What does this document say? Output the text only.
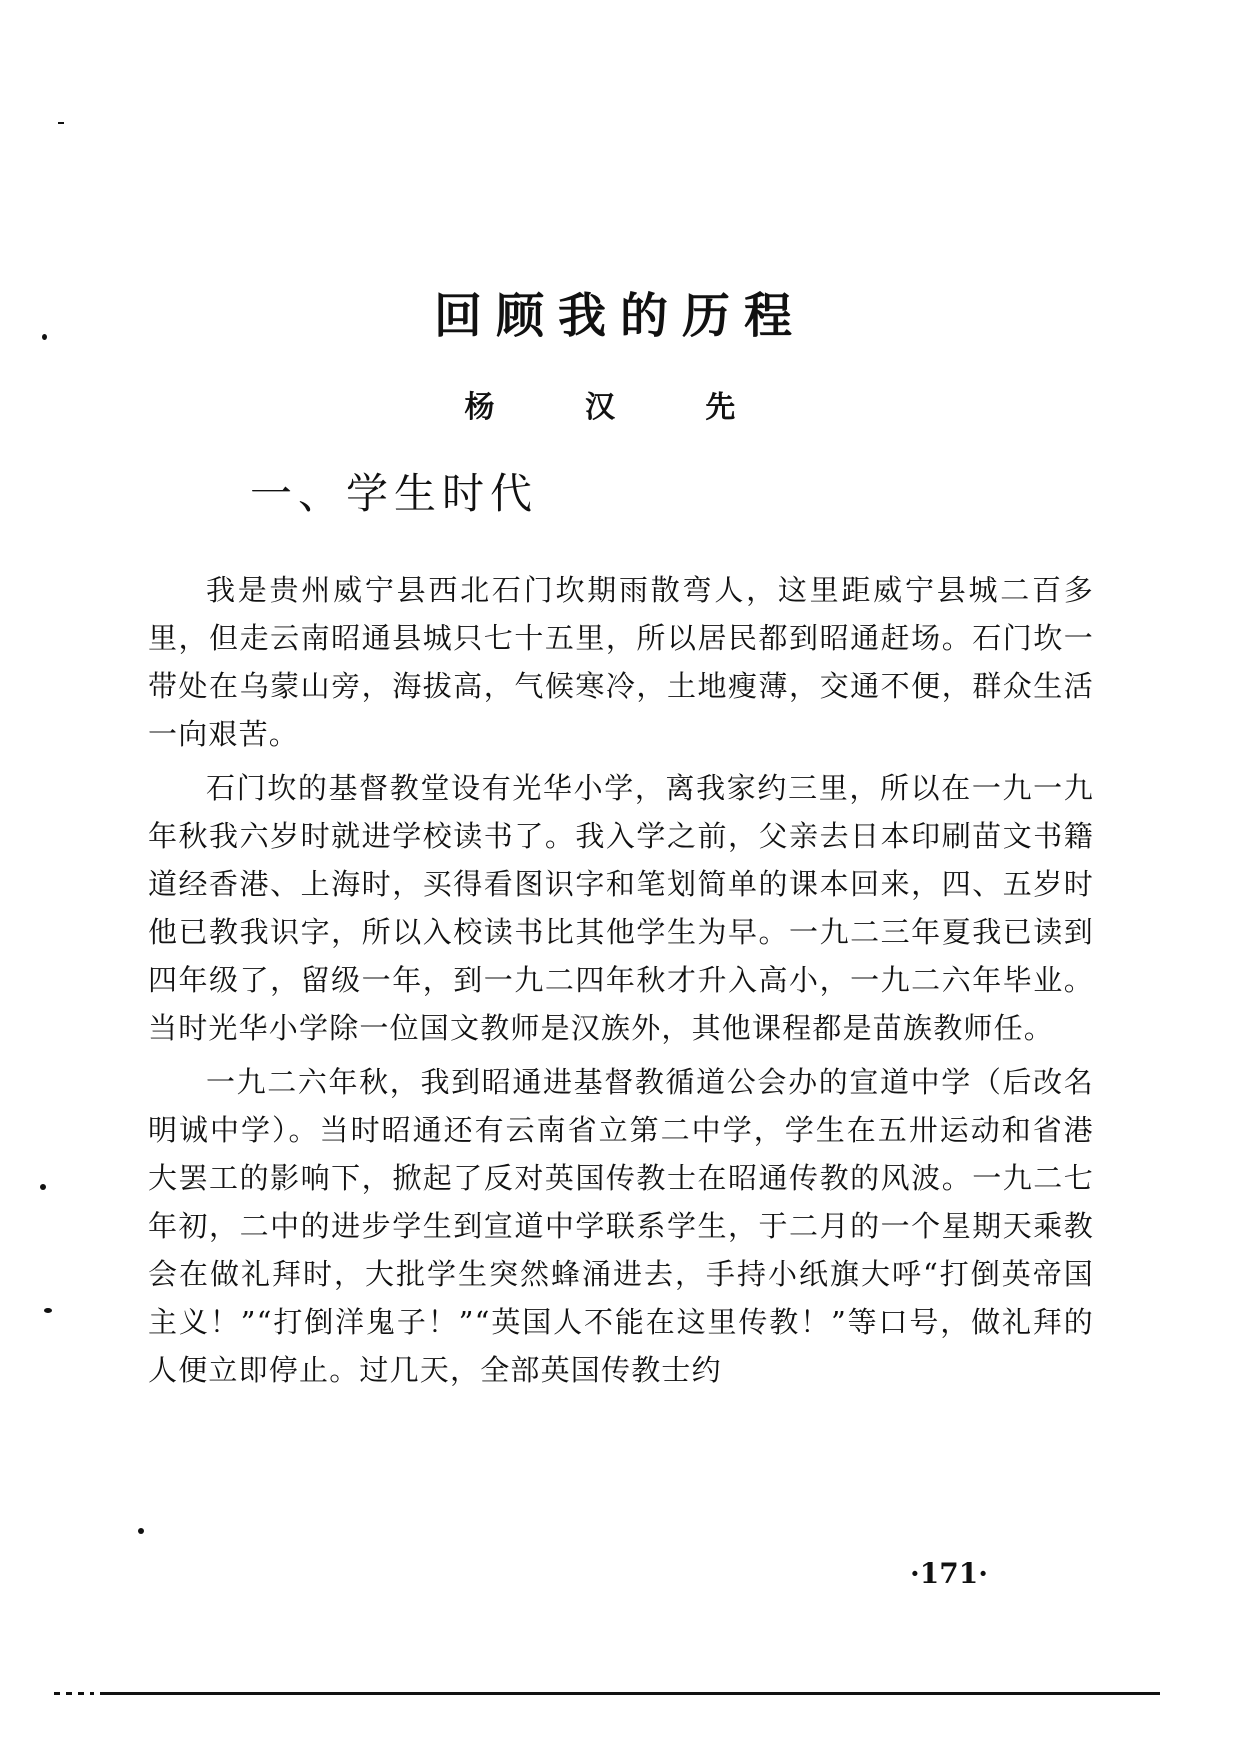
回顾我的历程
杨 汉 先
一、学生时代

我是贵州威宁县西北石门坎期雨散弯人，这里距威宁县城二百多里，但走云南昭通县城只七十五里，所以居民都到昭通赶场。石门坎一带处在乌蒙山旁，海拔高，气候寒冷，土地瘦薄，交通不便，群众生活一向艰苦。

石门坎的基督教堂设有光华小学，离我家约三里，所以在一九一九年秋我六岁时就进学校读书了。我入学之前，父亲去日本印刷苗文书籍道经香港、上海时，买得看图识字和笔划简单的课本回来，四、五岁时他已教我识字，所以入校读书比其他学生为早。一九二三年夏我已读到四年级了，留级一年，到一九二四年秋才升入高小，一九二六年毕业。当时光华小学除一位国文教师是汉族外，其他课程都是苗族教师任。

一九二六年秋，我到昭通进基督教循道公会办的宣道中学（后改名明诚中学）。当时昭通还有云南省立第二中学，学生在五卅运动和省港大罢工的影响下，掀起了反对英国传教士在昭通传教的风波。一九二七年初，二中的进步学生到宣道中学联系学生，于二月的一个星期天乘教会在做礼拜时，大批学生突然蜂涌进去，手持小纸旗大呼“打倒英帝国主义！”“打倒洋鬼子！”“英国人不能在这里传教！”等口号，做礼拜的人便立即停止。过几天，全部英国传教士约

·171·
